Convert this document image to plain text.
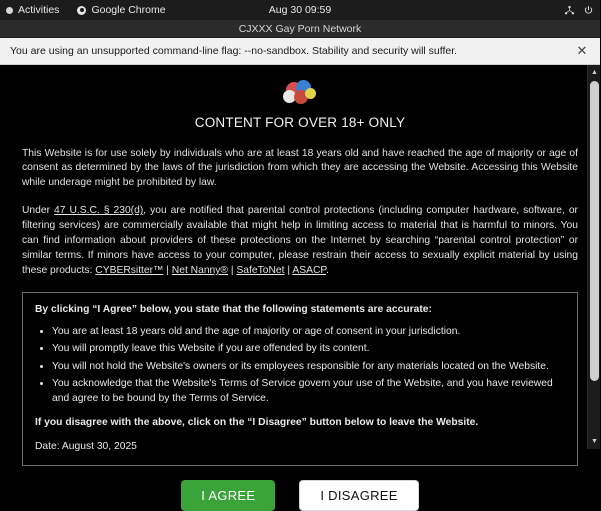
Activities	Google Chrome	Aug 30 09:59
CJXXX Gay Porn Network
You are using an unsupported command-line flag: --no-sandbox. Stability and security will suffer.	✕
CONTENT FOR OVER 18+ ONLY

This Website is for use solely by individuals who are at least 18 years old and have reached the age of majority or age of consent as determined by the laws of the jurisdiction from which they are accessing the Website. Accessing this Website while underage might be prohibited by law.

Under 47 U.S.C. § 230(d), you are notified that parental control protections (including computer hardware, software, or filtering services) are commercially available that might help in limiting access to material that is harmful to minors. You can find information about providers of these protections on the Internet by searching “parental control protection” or similar terms. If minors have access to your computer, please restrain their access to sexually explicit material by using these products: CYBERsitter™ | Net Nanny® | SafeToNet | ASACP.

By clicking “I Agree” below, you state that the following statements are accurate:

• You are at least 18 years old and the age of majority or age of consent in your jurisdiction.
• You will promptly leave this Website if you are offended by its content.
• You will not hold the Website's owners or its employees responsible for any materials located on the Website.
• You acknowledge that the Website's Terms of Service govern your use of the Website, and you have reviewed and agree to be bound by the Terms of Service.

If you disagree with the above, click on the “I Disagree” button below to leave the Website.

Date: August 30, 2025

I AGREE	I DISAGREE
▲
▼
